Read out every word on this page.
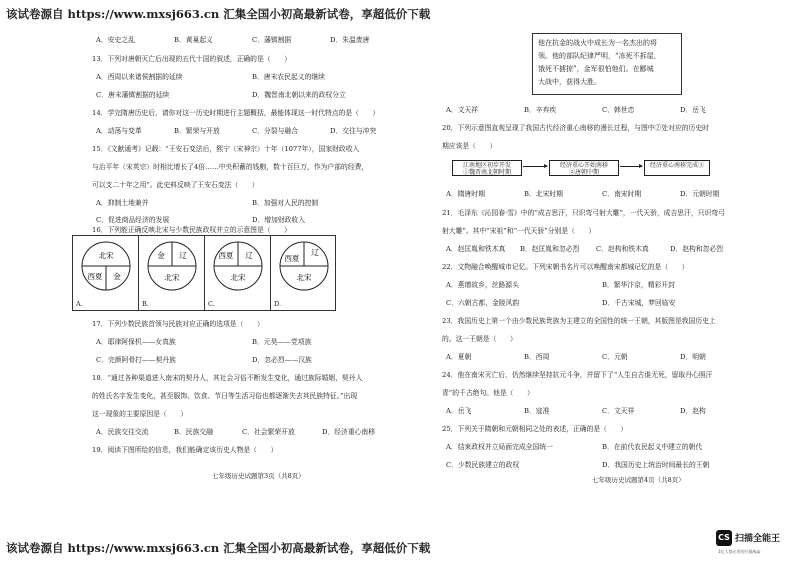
该试卷源自 https://www.mxsj663.cn 汇集全国小初高最新试卷，享超低价下载
A．安史之乱	B．黄巢起义	C．藩镇割据	D．朱温废唐
13．下列对唐朝灭亡后出现的五代十国的叙述，正确的是（　　）
A．西周以来诸侯割据的延续	B．唐末农民起义的继续
C．唐末藩镇割据的延续	D．魏晋南北朝以来的政权分立
14．学完隋唐历史后，请你对这一历史时期进行主题概括，最能体现这一时代特点的是（　　）
A．动荡与变革	B．繁荣与开放	C．分裂与融合	D．交往与冲突
15．《文献通考》记载：“王安石变法后，熙宁（宋神宗）十年（1077年），国家财政收入
与治平年（宋英宗）时相比增长了4倍……中央积蓄的钱粮，数十百巨万，作为户部的经费，
可以支二十年之用”。此史料反映了王安石变法（　　）
A．抑制土地兼并	B．加强对人民的控制
C．促进商品经济的发展	D．增加财政收入
16．下列能正确反映北宋与少数民族政权并立的示意图是（　　）
北宋
西夏 金
A.
金 辽
北宋
B.
西夏 辽
北宋
C.
辽
西夏
北宋
D.
17．下列少数民族首领与民族对应正确的选项是（　　）
A．耶律阿保机——女真族	B．元昊——党项族
C．完颜阿骨打——契丹族	D．忽必烈——汉族
18．“通过各种渠道进入南宋的契丹人，其社会习俗不断发生变化，通过族际婚姻，契丹人
的姓氏名字发生变化，甚至服饰、饮食、节日等生活习俗也都逐渐失去其民族特征。”出现
这一现象的主要原因是（　　）
A．民族交往交流	B．民族交融	C．社会繁荣开放	D．经济重心南移
19．阅读下图所给的信息，我们能确定该历史人物是（　　）
七年级历史试题第3页（共8页）
他在抗金的战火中成长为一名杰出的将
领。他的部队纪律严明，“冻死不拆屋，
饿死不掳掠”，金军很怕他们。在郾城
大战中，获得大胜。
A．文天祥	B．辛弃疾	C．韩世忠	D．岳飞
20．下列示意图直观呈现了我国古代经济重心南移的漫长过程，与图中②处对应的历史时
期应该是（　　）
江南地区初步开发
①魏晋南北朝时期
经济重心开始南移
②唐朝中期
经济重心南移完成③
A．隋唐时期	B．北宋时期	C．南宋时期	D．元朝时期
21．毛泽东《沁园春·雪》中的“成吉思汗，只识弯弓射大雕”，一代天骄，成吉思汗，只识弯弓
射大雕”。其中“宋祖”和“一代天骄”分别是（　　）
A．赵匡胤和铁木真 B．赵匡胤和忽必烈 C．赵构和铁木真	D．赵构和忽必烈
22．文物融合唤醒城市记忆。下列宋朝书名片可以唤醒南宋都城记忆的是（　　）
A．燕缯故乡，丝路源头	B．繁华汴京，精彩开封
C．六朝古都，金陵风韵	D．千古宋城，梦回临安
23．我国历史上第一个由少数民族贵族为主建立的全国性的统一王朝，其版图是我国历史上
的。这一王朝是（　　）
A．夏朝	B．西周	C．元朝	D．明朝
24．他在南宋灭亡后，仍然继续坚持抗元斗争，并留下了“人生自古谁无死，留取丹心照汗
青”的千古绝句。他是（　　）
A．岳飞	B．寇准	C．文天祥	D．赵构
25．下列关于隋朝和元朝相同之处的表述，正确的是（　　）
A．结束政权并立局面完成全国统一	B．在前代农民起义中建立的朝代
C．少数民族建立的政权	D．我国历史上统治时间最长的王朝
七年级历史试题第4页（共8页）
该试卷源自 https://www.mxsj663.cn 汇集全国小初高最新试卷，享超低价下载
CS 扫描全能王
3亿人都在用的扫描App
